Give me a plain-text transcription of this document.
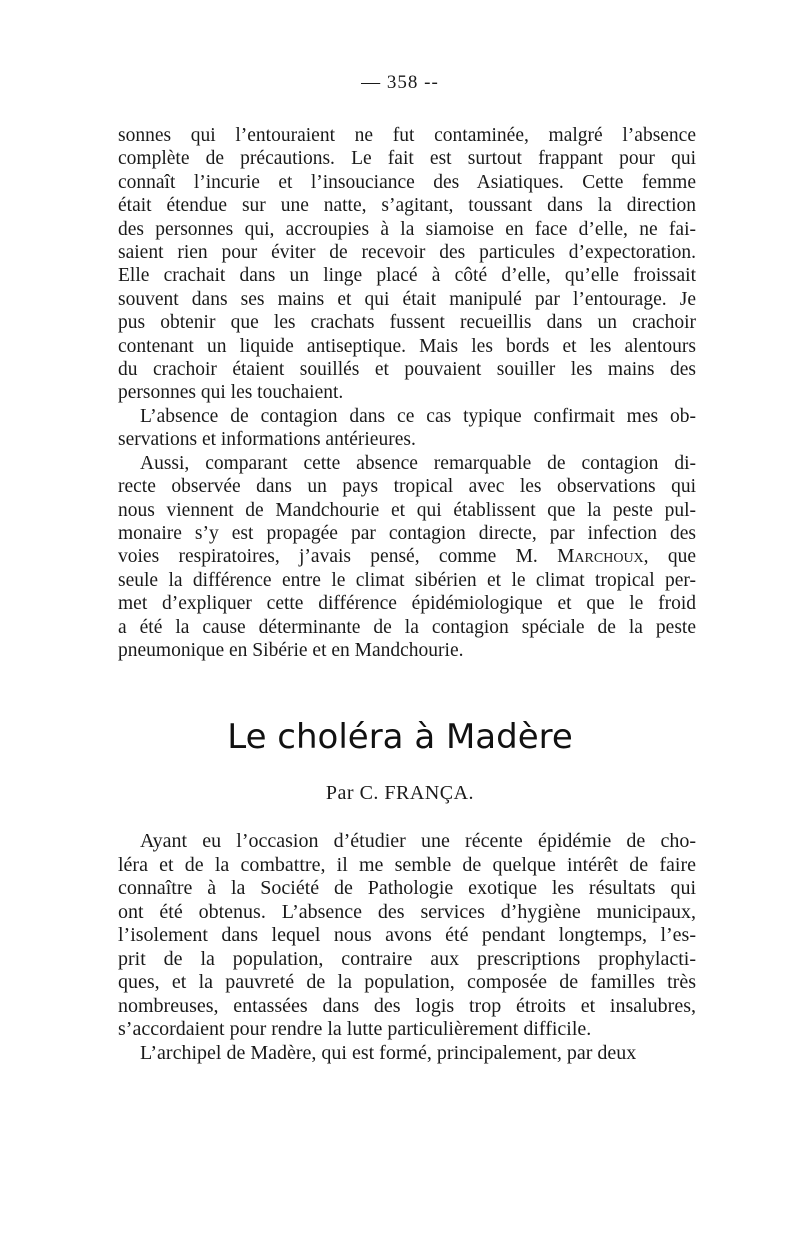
— 358 --

sonnes qui l’entouraient ne fut contaminée, malgré l’absence
complète de précautions. Le fait est surtout frappant pour qui
connaît l’incurie et l’insouciance des Asiatiques. Cette femme
était étendue sur une natte, s’agitant, toussant dans la direction
des personnes qui, accroupies à la siamoise en face d’elle, ne fai-
saient rien pour éviter de recevoir des particules d’expectoration.
Elle crachait dans un linge placé à côté d’elle, qu’elle froissait
souvent dans ses mains et qui était manipulé par l’entourage. Je
pus obtenir que les crachats fussent recueillis dans un crachoir
contenant un liquide antiseptique. Mais les bords et les alentours
du crachoir étaient souillés et pouvaient souiller les mains des
personnes qui les touchaient.

L’absence de contagion dans ce cas typique confirmait mes ob-
servations et informations antérieures.

Aussi, comparant cette absence remarquable de contagion di-
recte observée dans un pays tropical avec les observations qui
nous viennent de Mandchourie et qui établissent que la peste pul-
monaire s’y est propagée par contagion directe, par infection des
voies respiratoires, j’avais pensé, comme M. Marchoux, que
seule la différence entre le climat sibérien et le climat tropical per-
met d’expliquer cette différence épidémiologique et que le froid
a été la cause déterminante de la contagion spéciale de la peste
pneumonique en Sibérie et en Mandchourie.

Le choléra à Madère
Par C. FRANÇA.

Ayant eu l’occasion d’étudier une récente épidémie de cho-
léra et de la combattre, il me semble de quelque intérêt de faire
connaître à la Société de Pathologie exotique les résultats qui
ont été obtenus. L’absence des services d’hygiène municipaux,
l’isolement dans lequel nous avons été pendant longtemps, l’es-
prit de la population, contraire aux prescriptions prophylacti-
ques, et la pauvreté de la population, composée de familles très
nombreuses, entassées dans des logis trop étroits et insalubres,
s’accordaient pour rendre la lutte particulièrement difficile.

L’archipel de Madère, qui est formé, principalement, par deux
